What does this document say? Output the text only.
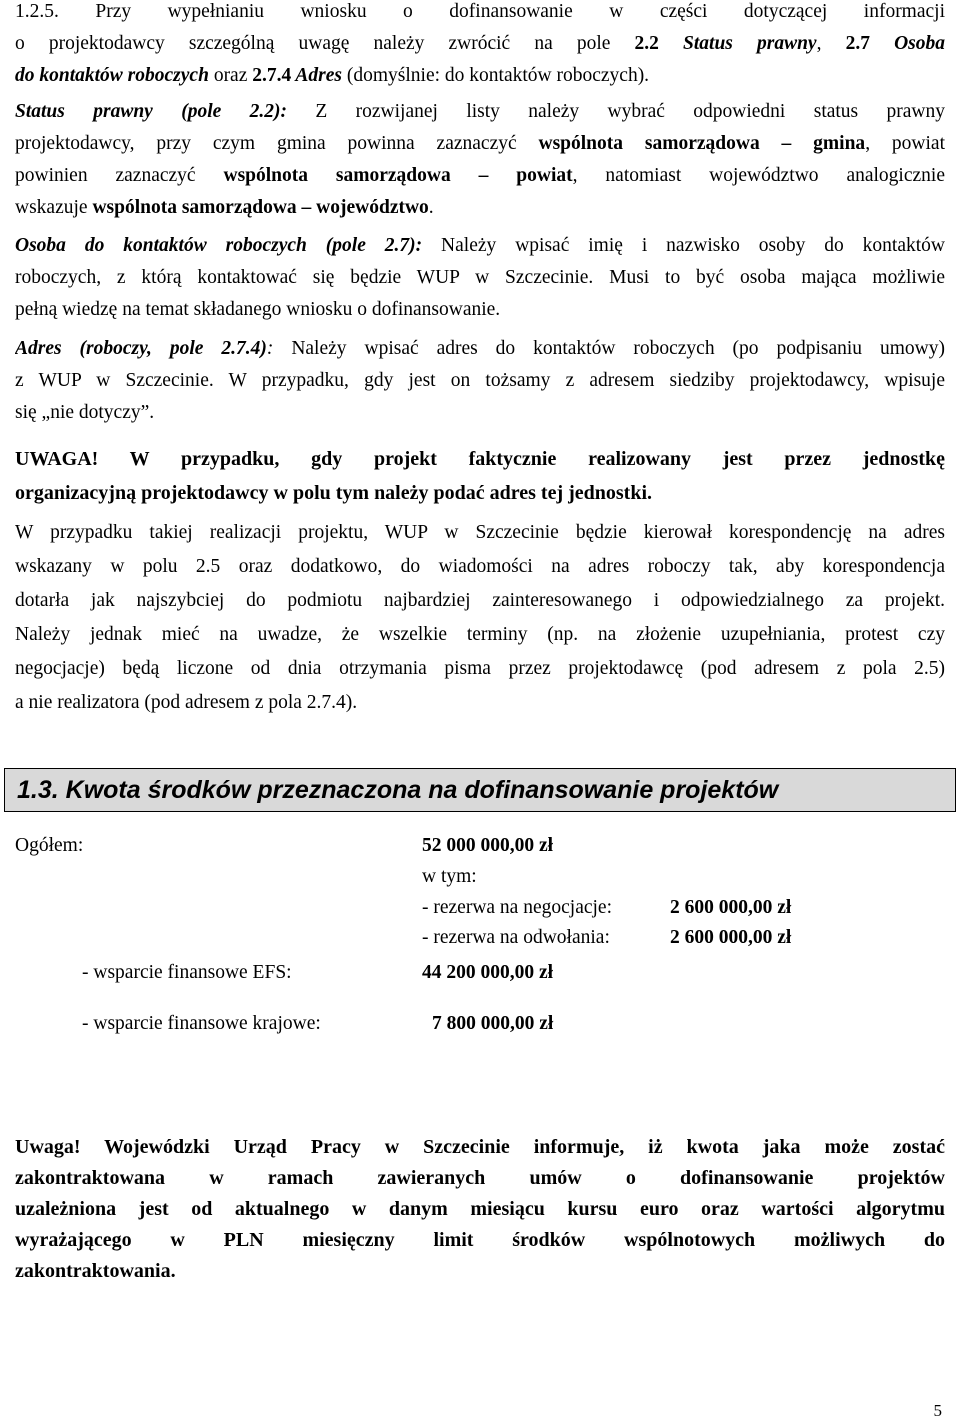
1.2.5. Przy wypełnianiu wniosku o dofinansowanie w części dotyczącej informacji
o projektodawcy szczególną uwagę należy zwrócić na pole 2.2 Status prawny, 2.7 Osoba
do kontaktów roboczych oraz 2.7.4 Adres (domyślnie: do kontaktów roboczych).
Status prawny (pole 2.2): Z rozwijanej listy należy wybrać odpowiedni status prawny
projektodawcy, przy czym gmina powinna zaznaczyć wspólnota samorządowa – gmina, powiat
powinien zaznaczyć wspólnota samorządowa – powiat, natomiast województwo analogicznie
wskazuje wspólnota samorządowa – województwo.
Osoba do kontaktów roboczych (pole 2.7): Należy wpisać imię i nazwisko osoby do kontaktów
roboczych, z którą kontaktować się będzie WUP w Szczecinie. Musi to być osoba mająca możliwie
pełną wiedzę na temat składanego wniosku o dofinansowanie.
Adres (roboczy, pole 2.7.4): Należy wpisać adres do kontaktów roboczych (po podpisaniu umowy)
z WUP w Szczecinie. W przypadku, gdy jest on tożsamy z adresem siedziby projektodawcy, wpisuje
się „nie dotyczy”.
UWAGA! W przypadku, gdy projekt faktycznie realizowany jest przez jednostkę
organizacyjną projektodawcy w polu tym należy podać adres tej jednostki.
W przypadku takiej realizacji projektu, WUP w Szczecinie będzie kierował korespondencję na adres
wskazany w polu 2.5 oraz dodatkowo, do wiadomości na adres roboczy tak, aby korespondencja
dotarła jak najszybciej do podmiotu najbardziej zainteresowanego i odpowiedzialnego za projekt.
Należy jednak mieć na uwadze, że wszelkie terminy (np. na złożenie uzupełniania, protest czy
negocjacje) będą liczone od dnia otrzymania pisma przez projektodawcę (pod adresem z pola 2.5)
a nie realizatora (pod adresem z pola 2.7.4).
1.3. Kwota środków przeznaczona na dofinansowanie projektów
Ogółem:	52 000 000,00 zł
w tym:
- rezerwa na negocjacje:	2 600 000,00 zł
- rezerwa na odwołania:	2 600 000,00 zł
- wsparcie finansowe EFS:	44 200 000,00 zł
- wsparcie finansowe krajowe:	7 800 000,00 zł
Uwaga! Wojewódzki Urząd Pracy w Szczecinie informuje, iż kwota jaka może zostać
zakontraktowana w ramach zawieranych umów o dofinansowanie projektów
uzależniona jest od aktualnego w danym miesiącu kursu euro oraz wartości algorytmu
wyrażającego w PLN miesięczny limit środków wspólnotowych możliwych do
zakontraktowania.
5
